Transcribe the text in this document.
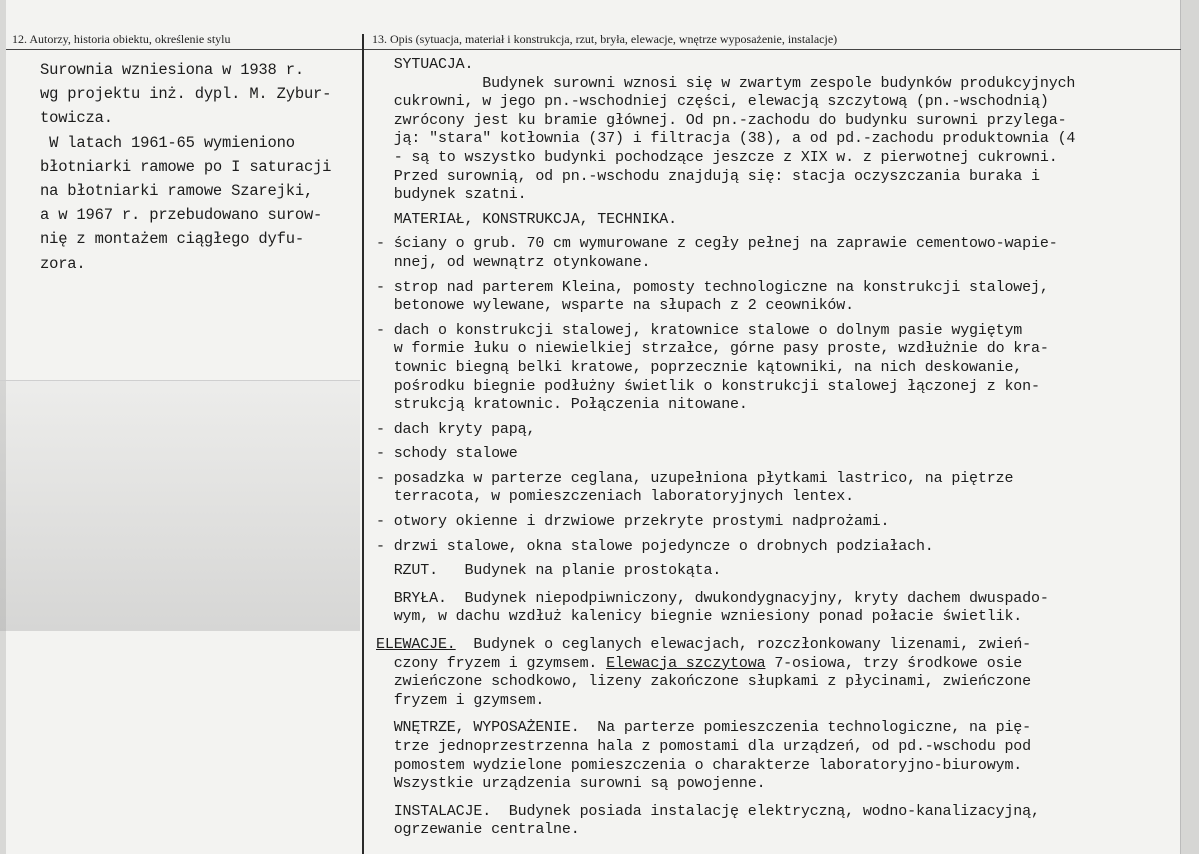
12. Autorzy, historia obiektu, określenie stylu	13. Opis (sytuacja, materiał i konstrukcja, rzut, bryła, elewacje, wnętrze wyposażenie, instalacje)
Surownia wzniesiona w 1938 r.
wg projektu inż. dypl. M. Zybur-
towicza.
W latach 1961-65 wymieniono
błotniarki ramowe po I saturacji
na błotniarki ramowe Szarejki,
a w 1967 r. przebudowano surow-
nię z montażem ciągłego dyfu-
zora.
SYTUACJA.
Budynek surowni wznosi się w zwartym zespole budynków produkcyjnych
cukrowni, w jego pn.-wschodniej części, elewacją szczytową (pn.-wschodnią)
zwrócony jest ku bramie głównej. Od pn.-zachodu do budynku surowni przylega-
ją: "stara" kotłownia (37) i filtracja (38), a od pd.-zachodu produktownia (4
- są to wszystko budynki pochodzące jeszcze z XIX w. z pierwotnej cukrowni.
Przed surownią, od pn.-wschodu znajdują się: stacja oczyszczania buraka i
budynek szatni.
MATERIAŁ, KONSTRUKCJA, TECHNIKA.
- ściany o grub. 70 cm wymurowane z cegły pełnej na zaprawie cementowo-wapie-
nnej, od wewnątrz otynkowane.
- strop nad parterem Kleina, pomosty technologiczne na konstrukcji stalowej,
betonowe wylewane, wsparte na słupach z 2 ceowników.
- dach o konstrukcji stalowej, kratownice stalowe o dolnym pasie wygiętym
w formie łuku o niewielkiej strzałce, górne pasy proste, wzdłużnie do kra-
townic biegną belki kratowe, poprzecznie kątowniki, na nich deskowanie,
pośrodku biegnie podłużny świetlik o konstrukcji stalowej łączonej z kon-
strukcją kratownic. Połączenia nitowane.
- dach kryty papą,
- schody stalowe
- posadzka w parterze ceglana, uzupełniona płytkami lastrico, na piętrze
terracota, w pomieszczeniach laboratoryjnych lentex.
- otwory okienne i drzwiowe przekryte prostymi nadprożami.
- drzwi stalowe, okna stalowe pojedyncze o drobnych podziałach.
RZUT.   Budynek na planie prostokąta.
BRYŁA.  Budynek niepodpiwniczony, dwukondygnacyjny, kryty dachem dwuspado-
wym, w dachu wzdłuż kalenicy biegnie wzniesiony ponad połacie świetlik.
ELEWACJE.  Budynek o ceglanych elewacjach, rozczłonkowany lizenami, zwień-
czony fryzem i gzymsem. Elewacja szczytowa 7-osiowa, trzy środkowe osie
zwieńczone schodkowo, lizeny zakończone słupkami z płycinami, zwieńczone
fryzem i gzymsem.
WNĘTRZE, WYPOSAŻENIE.  Na parterze pomieszczenia technologiczne, na pię-
trze jednoprzestrzenna hala z pomostami dla urządzeń, od pd.-wschodu pod
pomostem wydzielone pomieszczenia o charakterze laboratoryjno-biurowym.
Wszystkie urządzenia surowni są powojenne.
INSTALACJE.  Budynek posiada instalację elektryczną, wodno-kanalizacyjną,
ogrzewanie centralne.
